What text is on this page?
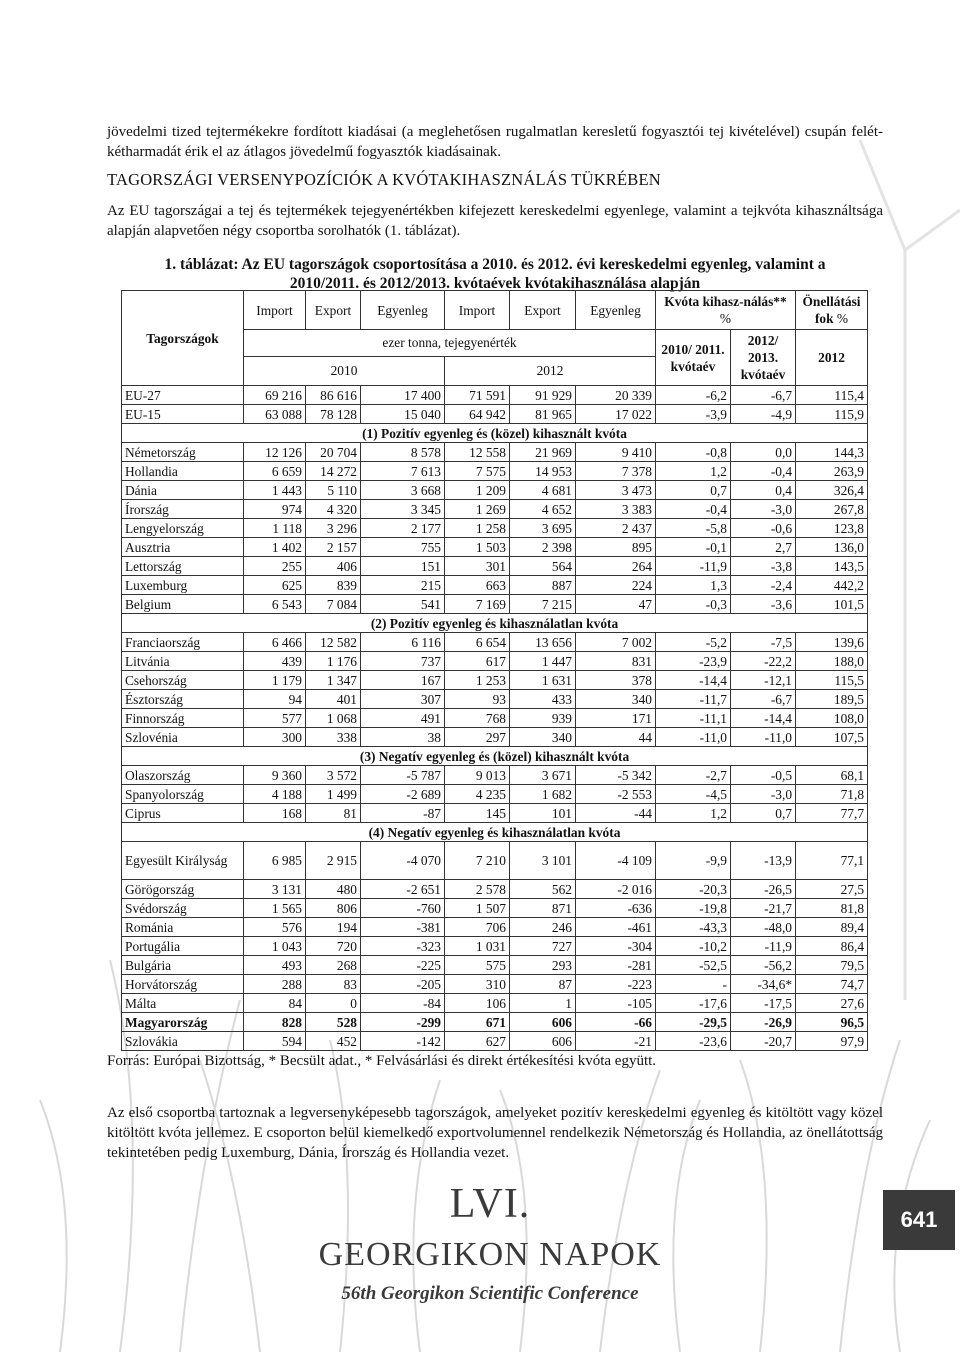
jövedelmi tized tejtermékekre fordított kiadásai (a meglehetősen rugalmatlan keresletű fogyasztói tej kivételével) csupán felét-kétharmadát érik el az átlagos jövedelmű fogyasztók kiadásainak.

TAGORSZÁGI VERSENYPOZÍCIÓK A KVÓTAKIHASZNÁLÁS TÜKRÉBEN

Az EU tagországai a tej és tejtermékek tejegyenértékben kifejezett kereskedelmi egyenlege, valamint a tejkvóta kihasználtsága alapján alapvetően négy csoportba sorolhatók (1. táblázat).

1. táblázat: Az EU tagországok csoportosítása a 2010. és 2012. évi kereskedelmi egyenleg, valamint a
2010/2011. és 2012/2013. kvótaévek kvótakihasználása alapján
Tagországok	Import	Export	Egyenleg	Import	Export	Egyenleg	Kvóta kihasz-nálás** %		Önellátási fok %
	ezer tonna, tejegyenérték						2010/ 2011. kvótaév	2012/ 2013. kvótaév	2012
	2010			2012					
EU-27	69 216	86 616	17 400	71 591	91 929	20 339	-6,2	-6,7	115,4
EU-15	63 088	78 128	15 040	64 942	81 965	17 022	-3,9	-4,9	115,9
(1) Pozitív egyenleg és (közel) kihasznált kvóta									
Németország	12 126	20 704	8 578	12 558	21 969	9 410	-0,8	0,0	144,3
Hollandia	6 659	14 272	7 613	7 575	14 953	7 378	1,2	-0,4	263,9
Dánia	1 443	5 110	3 668	1 209	4 681	3 473	0,7	0,4	326,4
Írország	974	4 320	3 345	1 269	4 652	3 383	-0,4	-3,0	267,8
Lengyelország	1 118	3 296	2 177	1 258	3 695	2 437	-5,8	-0,6	123,8
Ausztria	1 402	2 157	755	1 503	2 398	895	-0,1	2,7	136,0
Lettország	255	406	151	301	564	264	-11,9	-3,8	143,5
Luxemburg	625	839	215	663	887	224	1,3	-2,4	442,2
Belgium	6 543	7 084	541	7 169	7 215	47	-0,3	-3,6	101,5
(2) Pozitív egyenleg és kihasználatlan kvóta									
Franciaország	6 466	12 582	6 116	6 654	13 656	7 002	-5,2	-7,5	139,6
Litvánia	439	1 176	737	617	1 447	831	-23,9	-22,2	188,0
Csehország	1 179	1 347	167	1 253	1 631	378	-14,4	-12,1	115,5
Észtország	94	401	307	93	433	340	-11,7	-6,7	189,5
Finnország	577	1 068	491	768	939	171	-11,1	-14,4	108,0
Szlovénia	300	338	38	297	340	44	-11,0	-11,0	107,5
(3) Negatív egyenleg és (közel) kihasznált kvóta									
Olaszország	9 360	3 572	-5 787	9 013	3 671	-5 342	-2,7	-0,5	68,1
Spanyolország	4 188	1 499	-2 689	4 235	1 682	-2 553	-4,5	-3,0	71,8
Ciprus	168	81	-87	145	101	-44	1,2	0,7	77,7
(4) Negatív egyenleg és kihasználatlan kvóta									
Egyesült Királyság	6 985	2 915	-4 070	7 210	3 101	-4 109	-9,9	-13,9	77,1
Görögország	3 131	480	-2 651	2 578	562	-2 016	-20,3	-26,5	27,5
Svédország	1 565	806	-760	1 507	871	-636	-19,8	-21,7	81,8
Románia	576	194	-381	706	246	-461	-43,3	-48,0	89,4
Portugália	1 043	720	-323	1 031	727	-304	-10,2	-11,9	86,4
Bulgária	493	268	-225	575	293	-281	-52,5	-56,2	79,5
Horvátország	288	83	-205	310	87	-223	-	-34,6*	74,7
Málta	84	0	-84	106	1	-105	-17,6	-17,5	27,6
Magyarország	828	528	-299	671	606	-66	-29,5	-26,9	96,5
Szlovákia	594	452	-142	627	606	-21	-23,6	-20,7	97,9

Forrás: Európai Bizottság, * Becsült adat., * Felvásárlási és direkt értékesítési kvóta együtt.

Az első csoportba tartoznak a legversenyképesebb tagországok, amelyeket pozitív kereskedelmi egyenleg és kitöltött vagy közel kitöltött kvóta jellemez. E csoporton belül kiemelkedő exportvolumennel rendelkezik Németország és Hollandia, az önellátottság tekintetében pedig Luxemburg, Dánia, Írország és Hollandia vezet.

LVI.
GEORGIKON NAPOK
56th Georgikon Scientific Conference
641
